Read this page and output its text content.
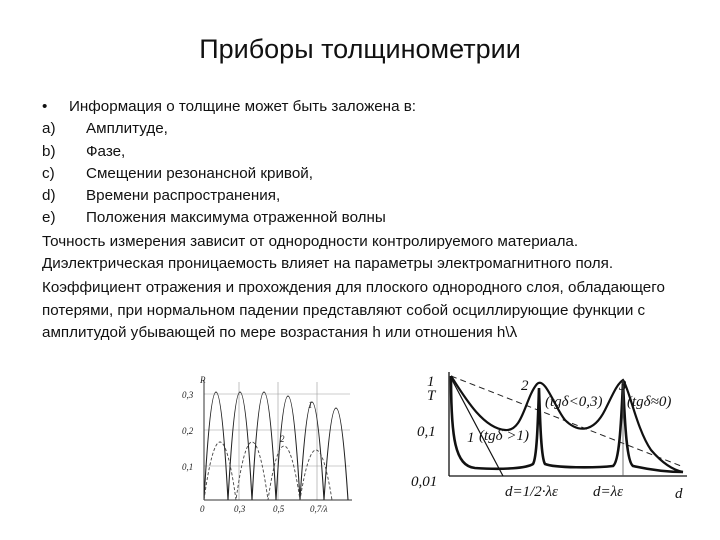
Приборы толщинометрии
•	Информация о толщине может быть заложена в:
a)	Амплитуде,
b)	Фазе,
c)	Смещении резонансной кривой,
d)	Времени распространения,
e)	Положения максимума отраженной волны
Точность измерения зависит от однородности контролируемого материала. Диэлектрическая проницаемость влияет на параметры электромагнитного поля.
Коэффициент отражения и прохождения для плоского однородного слоя, обладающего потерями, при нормальном падении представляют собой осциллирующие функции с амплитудой убывающей по мере возрастания h или отношения h\λ
R
0,3
0,2
0,1
1
2
0	0,3	0,5	0,7/λ
1
T
0,1
0,01
d
2	3
1
(tgδ<0,3) (tgδ≈0)
(tgδ >1)
d=1/2·λε d=λε
